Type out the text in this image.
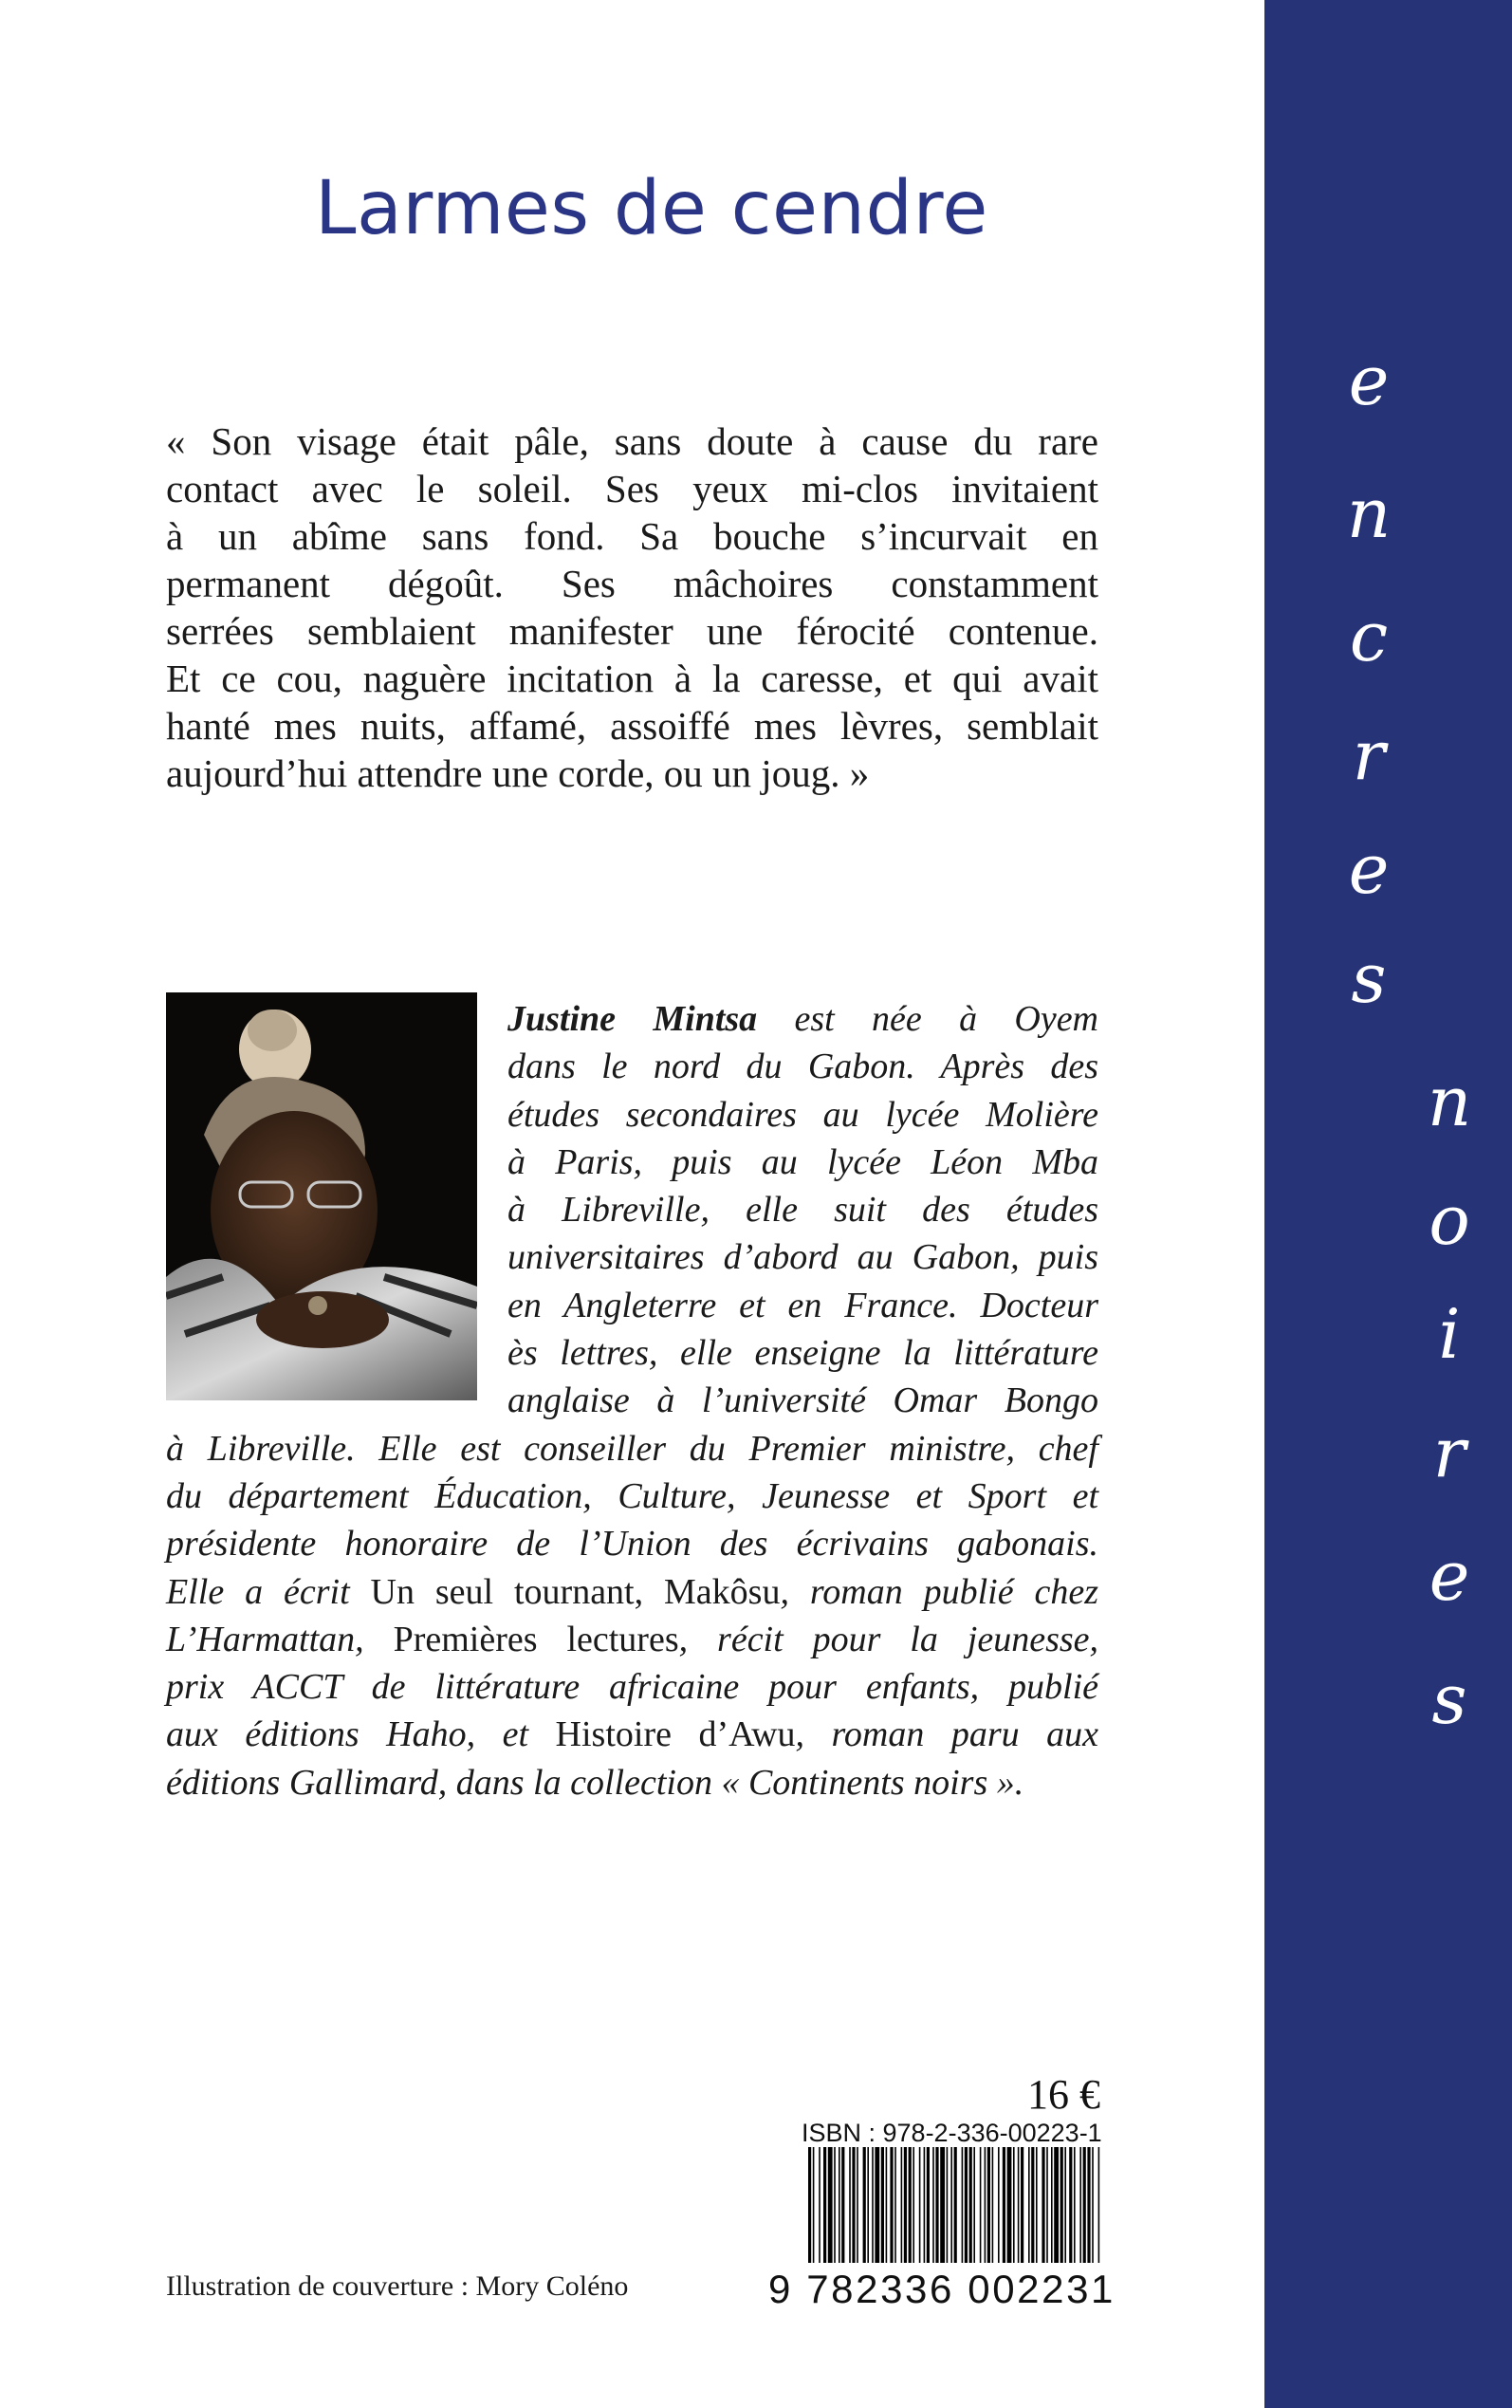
Larmes de cendre
« Son visage était pâle, sans doute à cause du rare
contact avec le soleil. Ses yeux mi-clos invitaient
à un abîme sans fond. Sa bouche s’incurvait en
permanent dégoût. Ses mâchoires constamment
serrées semblaient manifester une férocité contenue.
Et ce cou, naguère incitation à la caresse, et qui avait
hanté mes nuits, affamé, assoiffé mes lèvres, semblait
aujourd’hui attendre une corde, ou un joug. »
Justine Mintsa est née à Oyem
dans le nord du Gabon. Après des
études secondaires au lycée Molière
à Paris, puis au lycée Léon Mba
à Libreville, elle suit des études
universitaires d’abord au Gabon, puis
en Angleterre et en France. Docteur
ès lettres, elle enseigne la littérature
anglaise à l’université Omar Bongo
à Libreville. Elle est conseiller du Premier ministre, chef
du département Éducation, Culture, Jeunesse et Sport et
présidente honoraire de l’Union des écrivains gabonais.
Elle a écrit Un seul tournant, Makôsu, roman publié chez
L’Harmattan, Premières lectures, récit pour la jeunesse,
prix ACCT de littérature africaine pour enfants, publié
aux éditions Haho, et Histoire d’Awu, roman paru aux
éditions Gallimard, dans la collection « Continents noirs ».
16 €
ISBN : 978-2-336-00223-1
9 782336 002231
Illustration de couverture : Mory Coléno
e
n
c
r
e
s
n
o
i
r
e
s
